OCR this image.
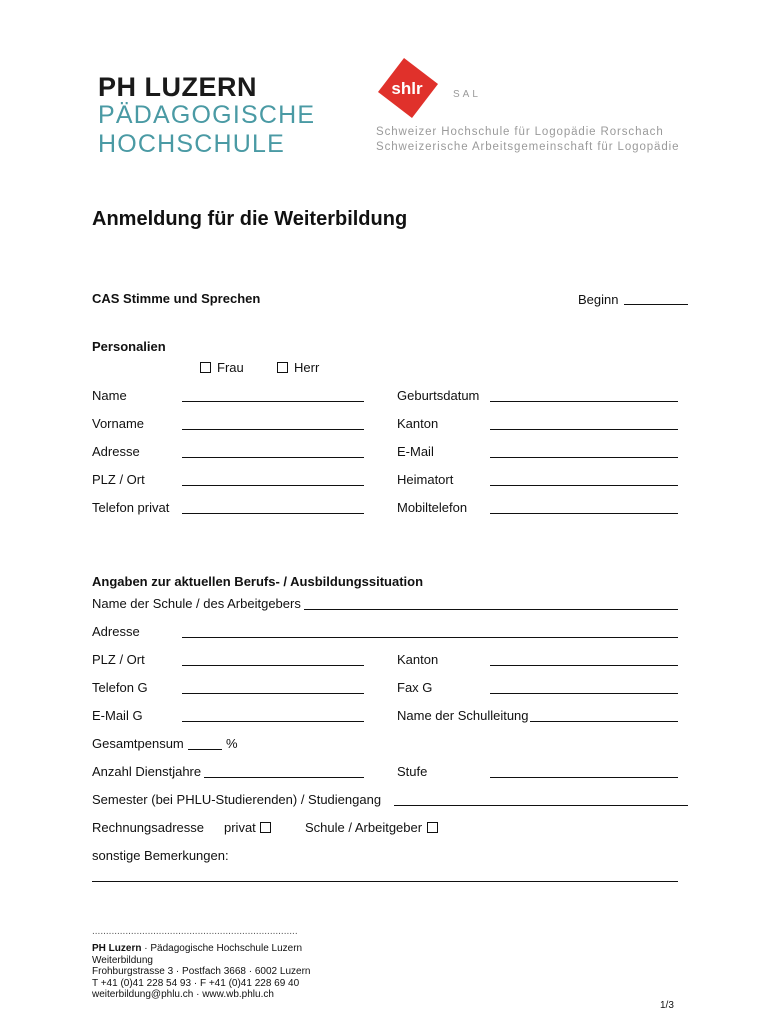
PH LUZERN
PÄDAGOGISCHE
HOCHSCHULE
shlr	SAL
Schweizer Hochschule für Logopädie Rorschach
Schweizerische Arbeitsgemeinschaft für Logopädie
Anmeldung für die Weiterbildung
CAS Stimme und Sprechen	Beginn
Personalien
Frau	Herr
Name	Geburtsdatum
Vorname	Kanton
Adresse	E-Mail
PLZ / Ort	Heimatort
Telefon privat	Mobiltelefon
Angaben zur aktuellen Berufs- / Ausbildungssituation
Name der Schule / des Arbeitgebers
Adresse
PLZ / Ort	Kanton
Telefon G	Fax G
E-Mail G	Name der Schulleitung
Gesamtpensum	%
Anzahl Dienstjahre	Stufe
Semester (bei PHLU-Studierenden) / Studiengang
Rechnungsadresse privat	Schule / Arbeitgeber
sonstige Bemerkungen:
..........................................................................
PH Luzern · Pädagogische Hochschule Luzern
Weiterbildung
Frohburgstrasse 3 · Postfach 3668 · 6002 Luzern
T +41 (0)41 228 54 93 · F +41 (0)41 228 69 40
weiterbildung@phlu.ch · www.wb.phlu.ch
1/3
